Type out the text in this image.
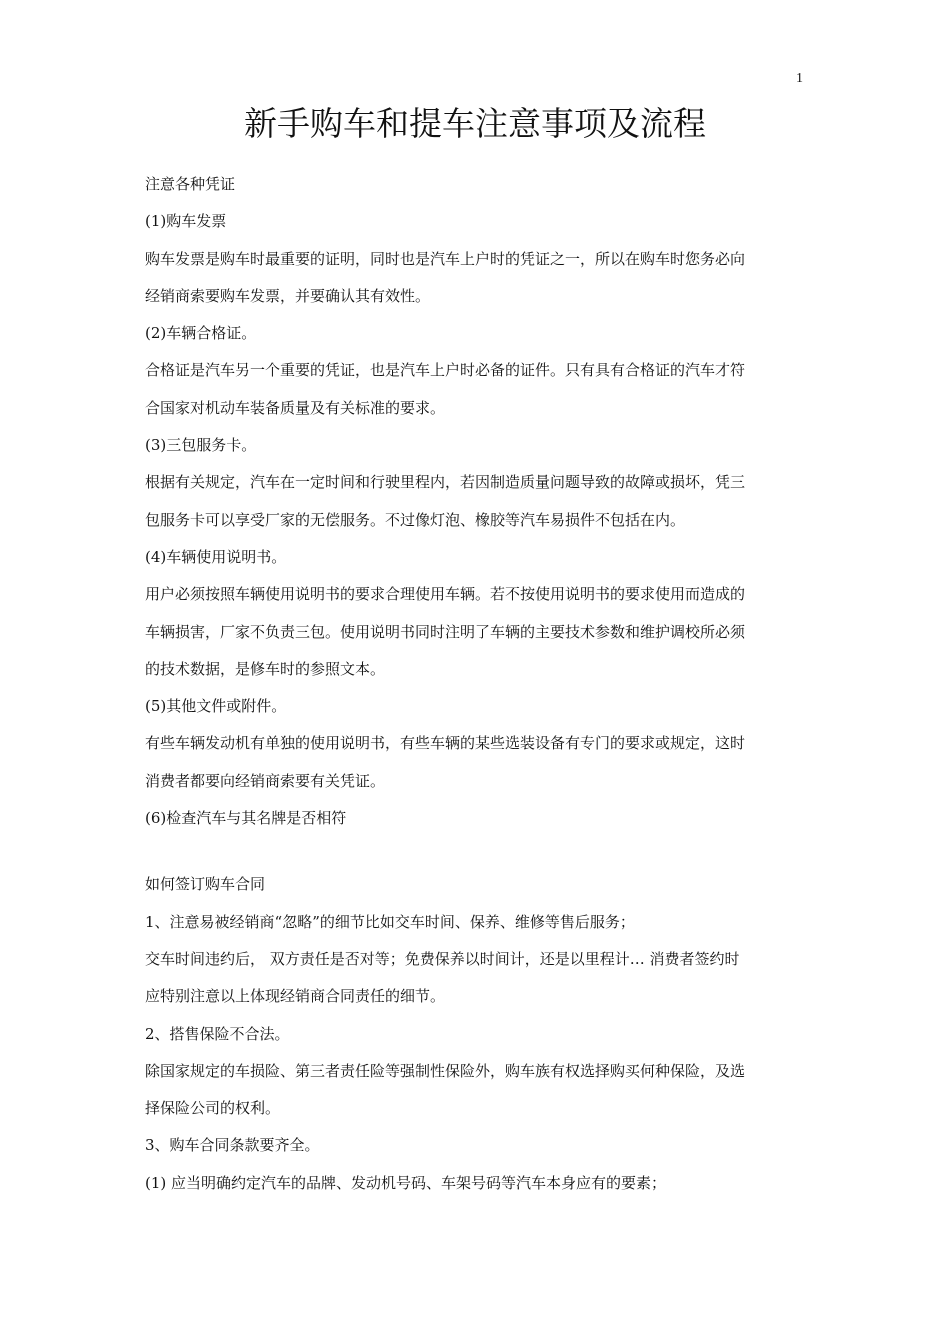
1
新手购车和提车注意事项及流程
注意各种凭证
(1)购车发票
购车发票是购车时最重要的证明，同时也是汽车上户时的凭证之一，所以在购车时您务必向
经销商索要购车发票，并要确认其有效性。
(2)车辆合格证。
合格证是汽车另一个重要的凭证，也是汽车上户时必备的证件。只有具有合格证的汽车才符
合国家对机动车装备质量及有关标准的要求。
(3)三包服务卡。
根据有关规定，汽车在一定时间和行驶里程内，若因制造质量问题导致的故障或损坏，凭三
包服务卡可以享受厂家的无偿服务。不过像灯泡、橡胶等汽车易损件不包括在内。
(4)车辆使用说明书。
用户必须按照车辆使用说明书的要求合理使用车辆。若不按使用说明书的要求使用而造成的
车辆损害，厂家不负责三包。使用说明书同时注明了车辆的主要技术参数和维护调校所必须
的技术数据，是修车时的参照文本。
(5)其他文件或附件。
有些车辆发动机有单独的使用说明书，有些车辆的某些选装设备有专门的要求或规定，这时
消费者都要向经销商索要有关凭证。
(6)检查汽车与其名牌是否相符
如何签订购车合同
1、注意易被经销商“忽略”的细节比如交车时间、保养、维修等售后服务；
交车时间违约后， 双方责任是否对等；免费保养以时间计，还是以里程计… 消费者签约时
应特别注意以上体现经销商合同责任的细节。
2、搭售保险不合法。
除国家规定的车损险、第三者责任险等强制性保险外，购车族有权选择购买何种保险，及选
择保险公司的权利。
3、购车合同条款要齐全。
(1) 应当明确约定汽车的品牌、发动机号码、车架号码等汽车本身应有的要素；
